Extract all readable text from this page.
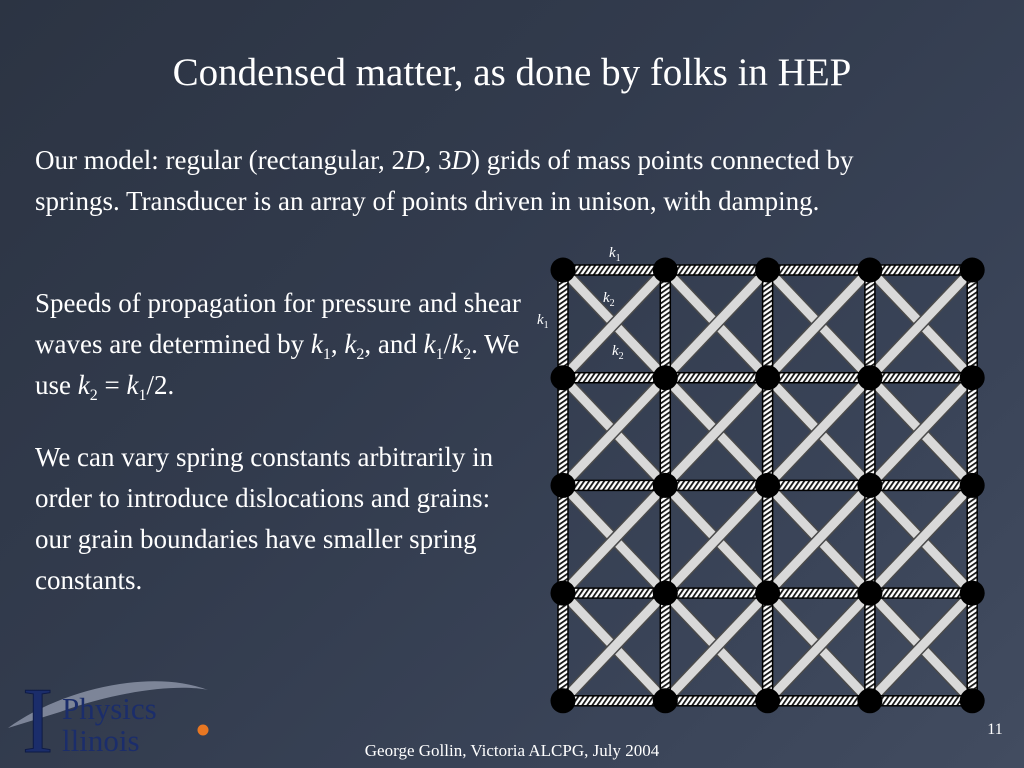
Condensed matter, as done by folks in HEP

Our model: regular (rectangular, 2D, 3D) grids of mass points connected by springs. Transducer is an array of points driven in unison, with damping.

Speeds of propagation for pressure and shear waves are determined by $k_1$, $k_2$, and $k_1/k_2$. We use $k_2 = k_1/2$.

We can vary spring constants arbitrarily in order to introduce dislocations and grains: our grain boundaries have smaller spring constants.

$k_1$
$k_1$
$k_2$
$k_2$
I Physics
llinois	11
George Gollin, Victoria ALCPG, July 2004
